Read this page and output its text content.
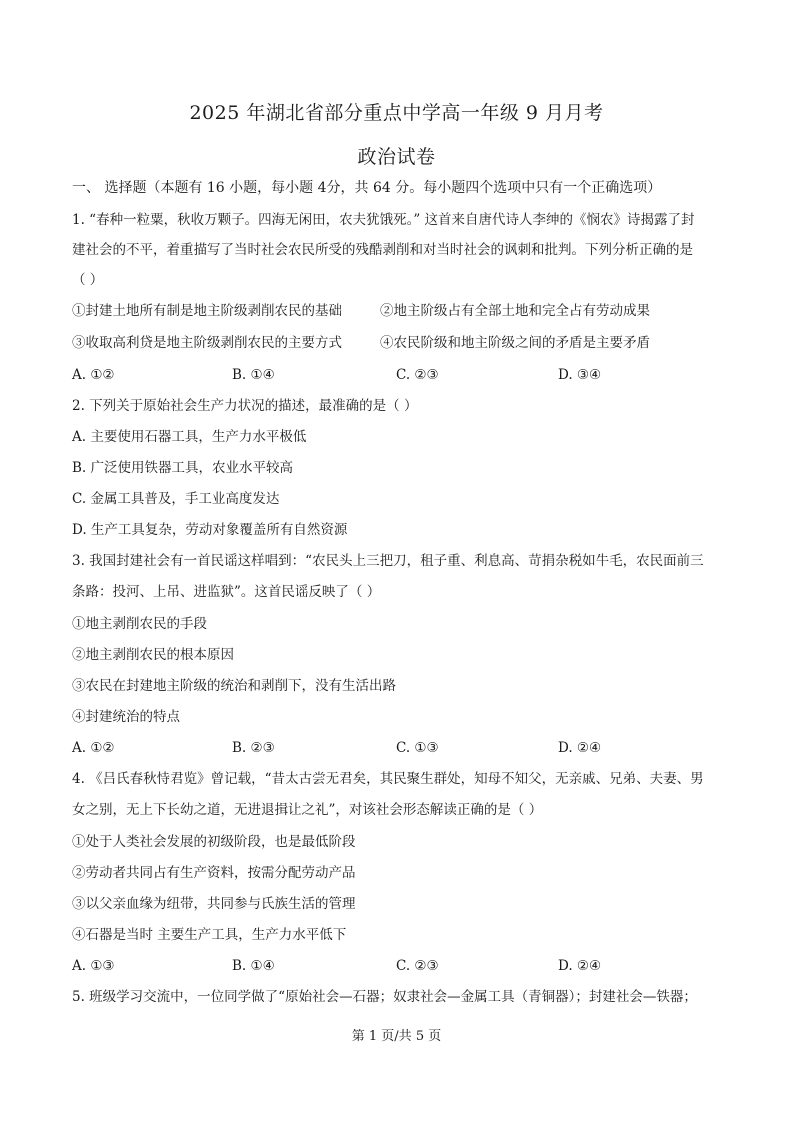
2025 年湖北省部分重点中学高一年级 9 月月考
政治试卷
一、 选择题（本题有 16 小题，每小题 4分，共 64 分。每小题四个选项中只有一个正确选项）
1. “春种一粒粟，秋收万颗子。四海无闲田，农夫犹饿死。” 这首来自唐代诗人李绅的《悯农》诗揭露了封
建社会的不平，着重描写了当时社会农民所受的残酷剥削和对当时社会的讽刺和批判。下列分析正确的是
（ ）
①封建土地所有制是地主阶级剥削农民的基础	②地主阶级占有全部土地和完全占有劳动成果
③收取高利贷是地主阶级剥削农民的主要方式	④农民阶级和地主阶级之间的矛盾是主要矛盾
A. ①②	B. ①④	C. ②③	D. ③④
2. 下列关于原始社会生产力状况的描述，最准确的是（ ）
A. 主要使用石器工具，生产力水平极低
B. 广泛使用铁器工具，农业水平较高
C. 金属工具普及，手工业高度发达
D. 生产工具复杂，劳动对象覆盖所有自然资源
3. 我国封建社会有一首民谣这样唱到：“农民头上三把刀，租子重、利息高、苛捐杂税如牛毛，农民面前三
条路：投河、上吊、进监狱”。这首民谣反映了（ ）
①地主剥削农民的手段
②地主剥削农民的根本原因
③农民在封建地主阶级的统治和剥削下，没有生活出路
④封建统治的特点
A. ①②	B. ②③	C. ①③	D. ②④
4. 《吕氏春秋恃君览》曾记载，“昔太古尝无君矣，其民聚生群处，知母不知父，无亲戚、兄弟、夫妻、男
女之别，无上下长幼之道，无进退揖让之礼”，对该社会形态解读正确的是（ ）
①处于人类社会发展的初级阶段，也是最低阶段
②劳动者共同占有生产资料，按需分配劳动产品
③以父亲血缘为纽带，共同参与氏族生活的管理
④石器是当时 主要生产工具，生产力水平低下
A. ①③	B. ①④	C. ②③	D. ②④
5. 班级学习交流中，一位同学做了“原始社会—石器；奴隶社会—金属工具（青铜器）；封建社会—铁器；
第 1 页/共 5 页
